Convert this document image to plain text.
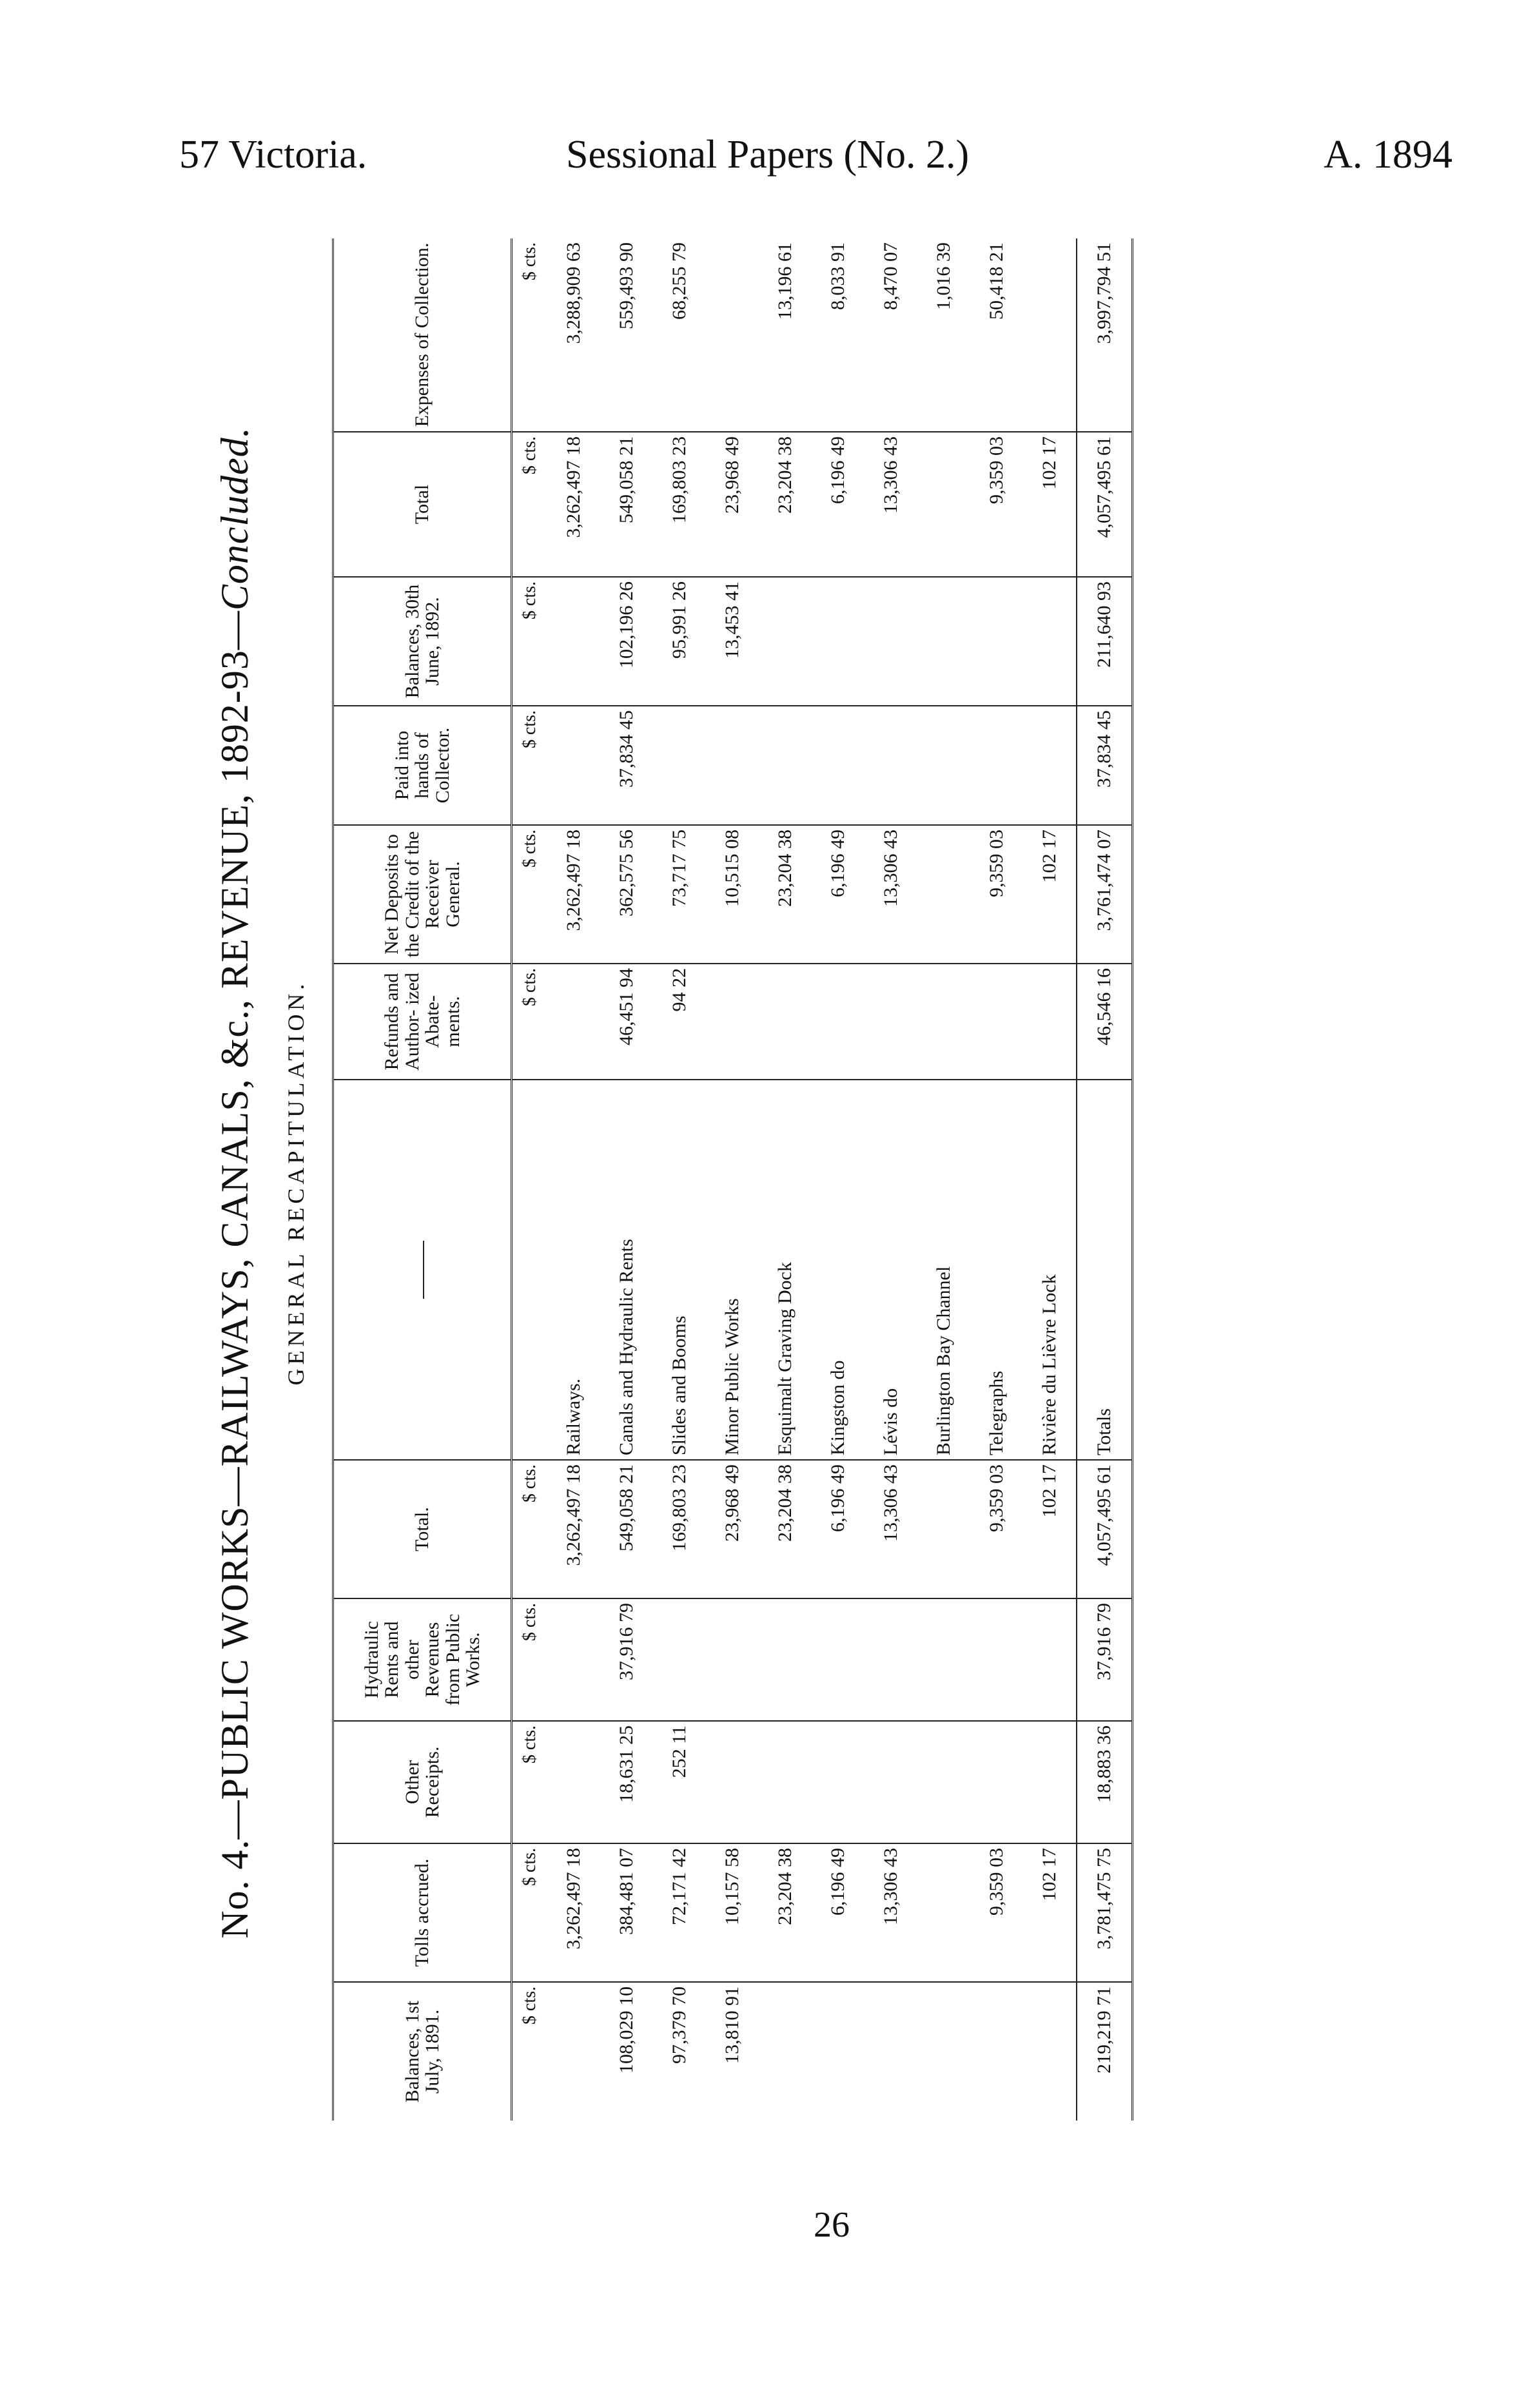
57 Victoria.	Sessional Papers (No. 2.)	A. 1894
No. 4.—PUBLIC WORKS—RAILWAYS, CANALS, &c., REVENUE, 1892-93—Concluded.
GENERAL RECAPITULATION.
Balances, 1st July, 1891.	Tolls accrued.	Other Receipts.	Hydraulic Rents and other Revenues from Public Works.	Total.		Refunds and Author- ized Abate- ments.	Net Deposits to the Credit of the Receiver General.	Paid into hands of Collector.	Balances, 30th June, 1892.	Total	Expenses of Collection.
$ cts.	$ cts.	$ cts.	$ cts.	$ cts.		$ cts.	$ cts.	$ cts.	$ cts.	$ cts.	$ cts.
	3,262,497 18			3,262,497 18	Railways.		3,262,497 18			3,262,497 18	3,288,909 63
108,029 10	384,481 07	18,631 25	37,916 79	549,058 21	Canals and Hydraulic Rents	46,451 94	362,575 56	37,834 45	102,196 26	549,058 21	559,493 90
97,379 70	72,171 42	252 11		169,803 23	Slides and Booms	94 22	73,717 75		95,991 26	169,803 23	68,255 79
13,810 91	10,157 58			23,968 49	Minor Public Works		10,515 08		13,453 41	23,968 49	
	23,204 38			23,204 38	Esquimalt Graving Dock		23,204 38			23,204 38	13,196 61
	6,196 49			6,196 49	Kingston do		6,196 49			6,196 49	8,033 91
	13,306 43			13,306 43	Lévis do		13,306 43			13,306 43	8,470 07
					Burlington Bay Channel						1,016 39
	9,359 03			9,359 03	Telegraphs		9,359 03			9,359 03	50,418 21
	102 17			102 17	Rivière du Lièvre Lock		102 17			102 17	
219,219 71	3,781,475 75	18,883 36	37,916 79	4,057,495 61	Totals	46,546 16	3,761,474 07	37,834 45	211,640 93	4,057,495 61	3,997,794 51
26
